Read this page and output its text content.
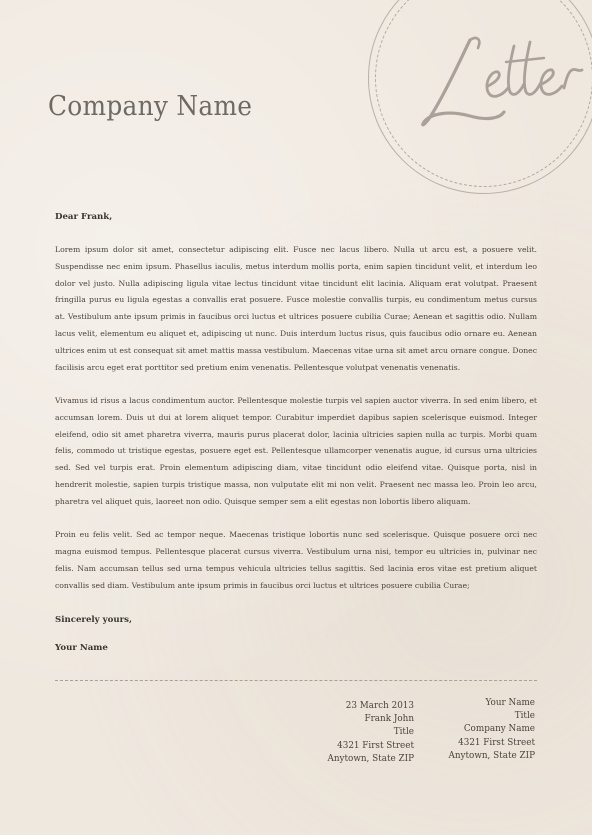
Company Name
Dear Frank,

Lorem ipsum dolor sit amet, consectetur adipiscing elit. Fusce nec lacus libero. Nulla ut arcu est, a posuere velit. Suspendisse nec enim ipsum. Phasellus iaculis, metus interdum mollis porta, enim sapien tincidunt velit, et interdum leo dolor vel justo. Nulla adipiscing ligula vitae lectus tincidunt vitae tincidunt elit lacinia. Aliquam erat volutpat. Praesent fringilla purus eu ligula egestas a convallis erat posuere. Fusce molestie convallis turpis, eu condimentum metus cursus at. Vestibulum ante ipsum primis in faucibus orci luctus et ultrices posuere cubilia Curae; Aenean et sagittis odio. Nullam lacus velit, elementum eu aliquet et, adipiscing ut nunc. Duis interdum luctus risus, quis faucibus odio ornare eu. Aenean ultrices enim ut est consequat sit amet mattis massa vestibulum. Maecenas vitae urna sit amet arcu ornare congue. Donec facilisis arcu eget erat porttitor sed pretium enim venenatis. Pellentesque volutpat venenatis venenatis.

Vivamus id risus a lacus condimentum auctor. Pellentesque molestie turpis vel sapien auctor viverra. In sed enim libero, et accumsan lorem. Duis ut dui at lorem aliquet tempor. Curabitur imperdiet dapibus sapien scelerisque euismod. Integer eleifend, odio sit amet pharetra viverra, mauris purus placerat dolor, lacinia ultricies sapien nulla ac turpis. Morbi quam felis, commodo ut tristique egestas, posuere eget est. Pellentesque ullamcorper venenatis augue, id cursus urna ultricies sed. Sed vel turpis erat. Proin elementum adipiscing diam, vitae tincidunt odio eleifend vitae. Quisque porta, nisl in hendrerit molestie, sapien turpis tristique massa, non vulputate elit mi non velit. Praesent nec massa leo. Proin leo arcu, pharetra vel aliquet quis, laoreet non odio. Quisque semper sem a elit egestas non lobortis libero aliquam.

Proin eu felis velit. Sed ac tempor neque. Maecenas tristique lobortis nunc sed scelerisque. Quisque posuere orci nec magna euismod tempus. Pellentesque placerat cursus viverra. Vestibulum urna nisi, tempor eu ultricies in, pulvinar nec felis. Nam accumsan tellus sed urna tempus vehicula ultricies tellus sagittis. Sed lacinia eros vitae est pretium aliquet convallis sed diam. Vestibulum ante ipsum primis in faucibus orci luctus et ultrices posuere cubilia Curae;

Sincerely yours,
Your Name
23 March 2013
Frank John
Title
4321 First Street
Anytown, State ZIP
Your Name
Title
Company Name
4321 First Street
Anytown, State ZIP
